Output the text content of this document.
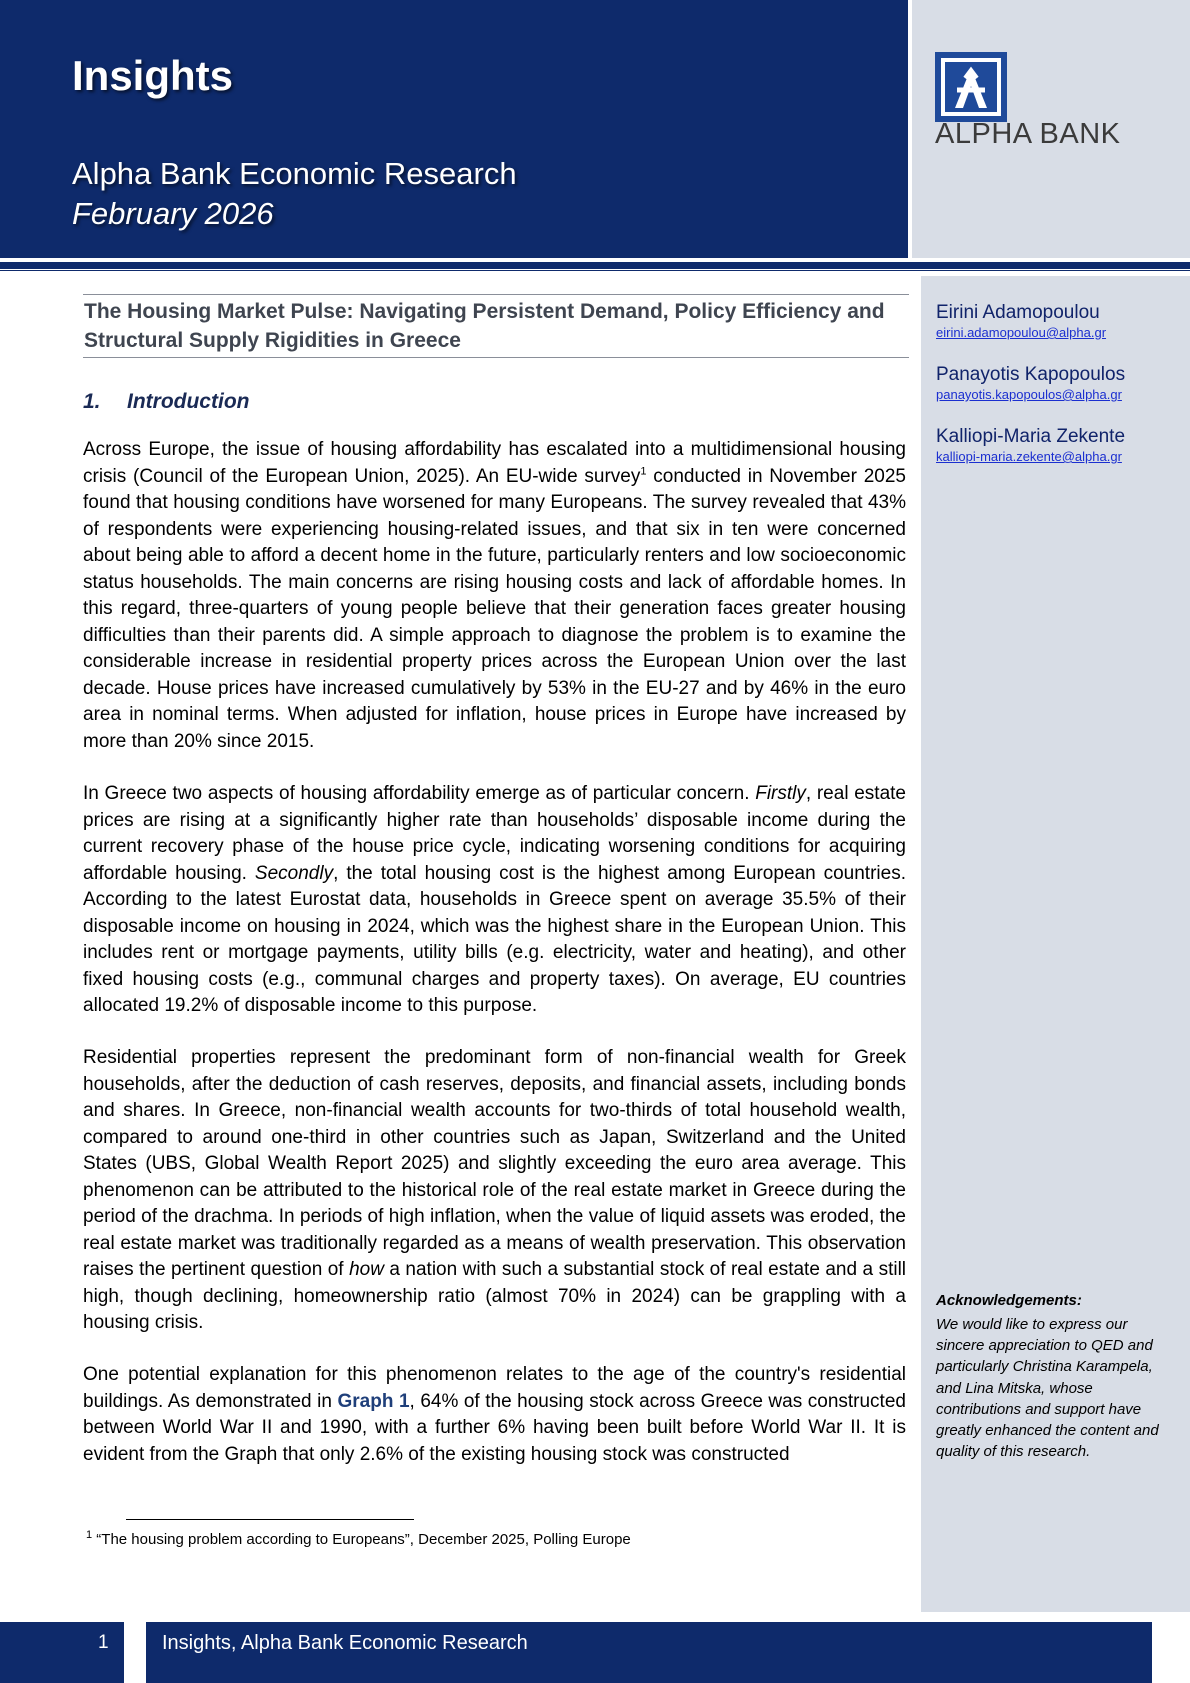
Insights
Alpha Bank Economic Research
February 2026
ALPHA BANK
Eirini Adamopoulou
eirini.adamopoulou@alpha.gr
Panayotis Kapopoulos
panayotis.kapopoulos@alpha.gr
Kalliopi-Maria Zekente
kalliopi-maria.zekente@alpha.gr
Acknowledgements:
We would like to express our sincere appreciation to QED and particularly Christina Karampela, and Lina Mitska, whose contributions and support have greatly enhanced the content and quality of this research.
The Housing Market Pulse: Navigating Persistent Demand, Policy Efficiency and Structural Supply Rigidities in Greece
1. Introduction
Across Europe, the issue of housing affordability has escalated into a multidimensional housing crisis (Council of the European Union, 2025). An EU-wide survey$^1$ conducted in November 2025 found that housing conditions have worsened for many Europeans. The survey revealed that 43% of respondents were experiencing housing-related issues, and that six in ten were concerned about being able to afford a decent home in the future, particularly renters and low socioeconomic status households. The main concerns are rising housing costs and lack of affordable homes. In this regard, three-quarters of young people believe that their generation faces greater housing difficulties than their parents did. A simple approach to diagnose the problem is to examine the considerable increase in residential property prices across the European Union over the last decade. House prices have increased cumulatively by 53% in the EU-27 and by 46% in the euro area in nominal terms. When adjusted for inflation, house prices in Europe have increased by more than 20% since 2015.
In Greece two aspects of housing affordability emerge as of particular concern. Firstly, real estate prices are rising at a significantly higher rate than households’ disposable income during the current recovery phase of the house price cycle, indicating worsening conditions for acquiring affordable housing. Secondly, the total housing cost is the highest among European countries. According to the latest Eurostat data, households in Greece spent on average 35.5% of their disposable income on housing in 2024, which was the highest share in the European Union. This includes rent or mortgage payments, utility bills (e.g. electricity, water and heating), and other fixed housing costs (e.g., communal charges and property taxes). On average, EU countries allocated 19.2% of disposable income to this purpose.
Residential properties represent the predominant form of non-financial wealth for Greek households, after the deduction of cash reserves, deposits, and financial assets, including bonds and shares. In Greece, non-financial wealth accounts for two-thirds of total household wealth, compared to around one-third in other countries such as Japan, Switzerland and the United States (UBS, Global Wealth Report 2025) and slightly exceeding the euro area average. This phenomenon can be attributed to the historical role of the real estate market in Greece during the period of the drachma. In periods of high inflation, when the value of liquid assets was eroded, the real estate market was traditionally regarded as a means of wealth preservation. This observation raises the pertinent question of how a nation with such a substantial stock of real estate and a still high, though declining, homeownership ratio (almost 70% in 2024) can be grappling with a housing crisis.
One potential explanation for this phenomenon relates to the age of the country's residential buildings. As demonstrated in Graph 1, 64% of the housing stock across Greece was constructed between World War II and 1990, with a further 6% having been built before World War II. It is evident from the Graph that only 2.6% of the existing housing stock was constructed
$^1$ “The housing problem according to Europeans”, December 2025, Polling Europe
1	Insights, Alpha Bank Economic Research
